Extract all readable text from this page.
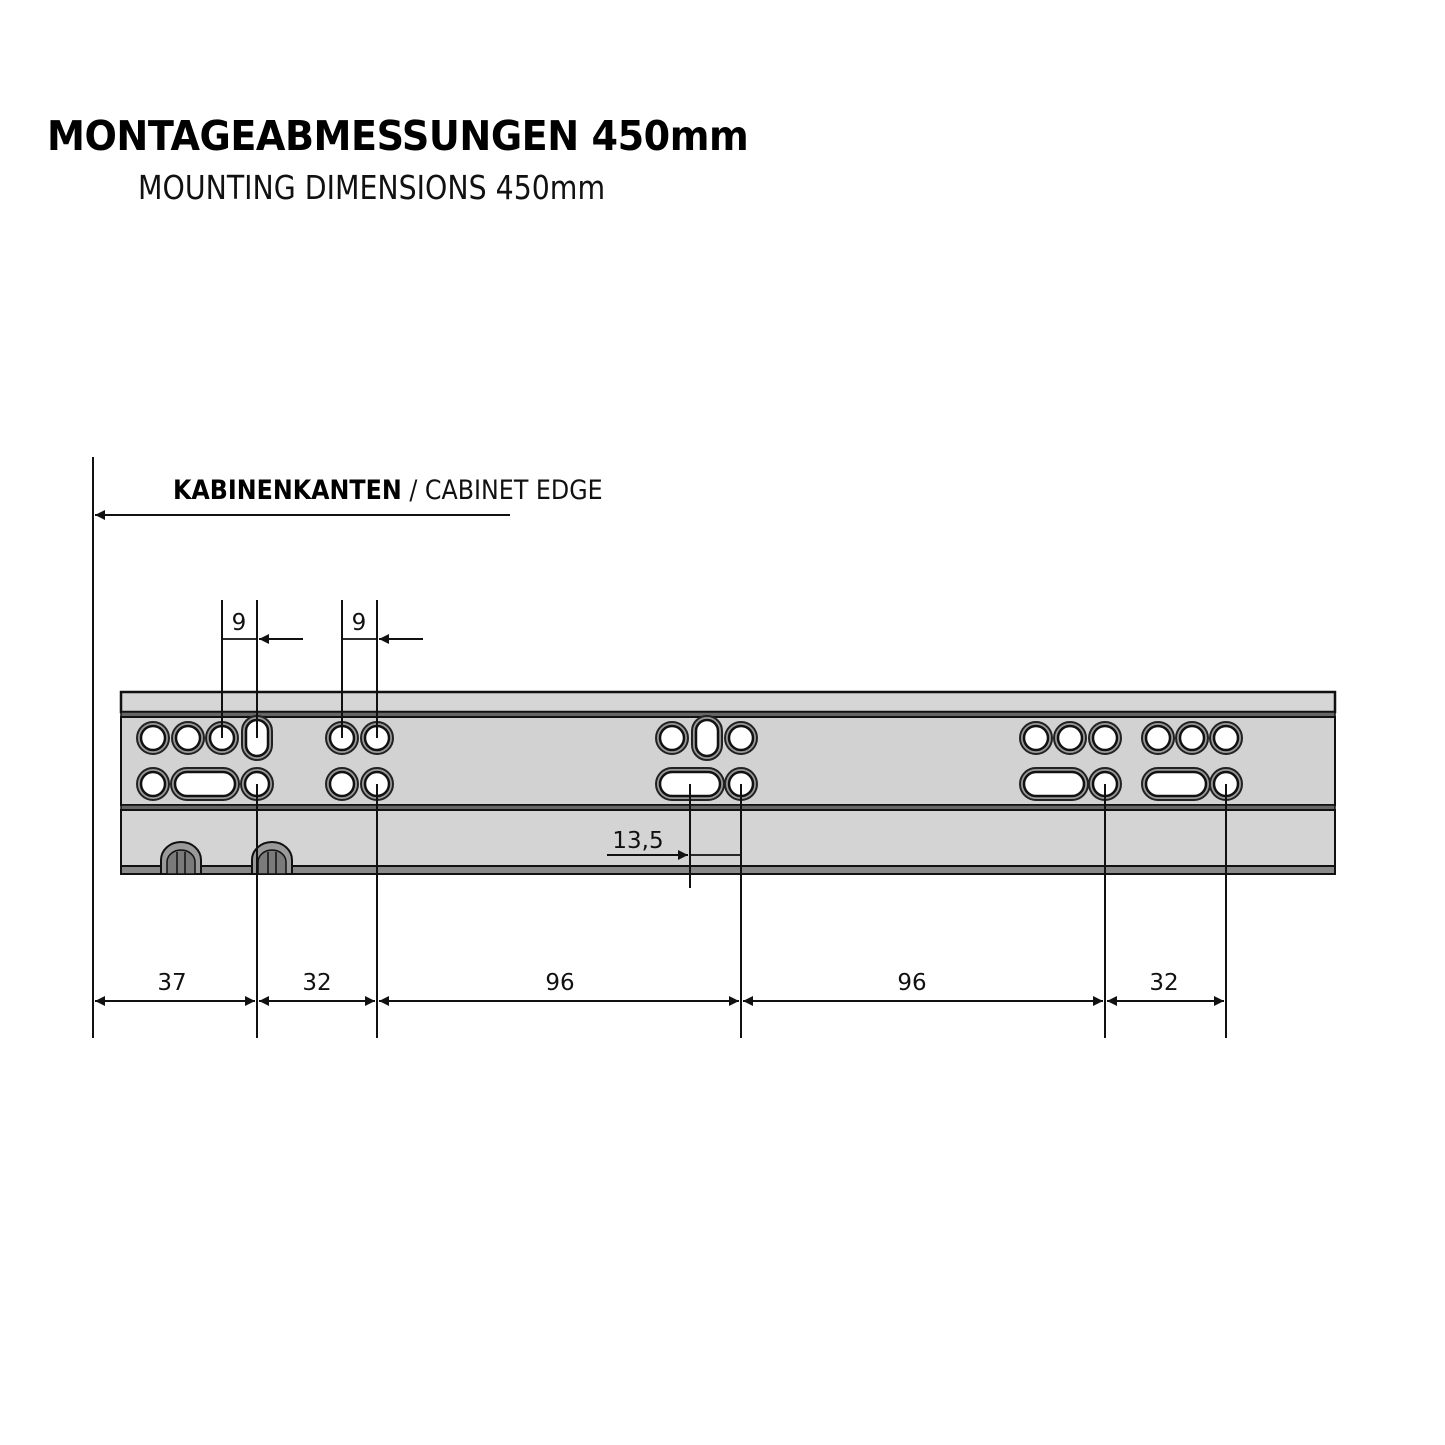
MONTAGEABMESSUNGEN 450mm
MOUNTING DIMENSIONS 450mm
KABINENKANTEN / CABINET EDGE
9	9
13,5
37	32	96	96	32
